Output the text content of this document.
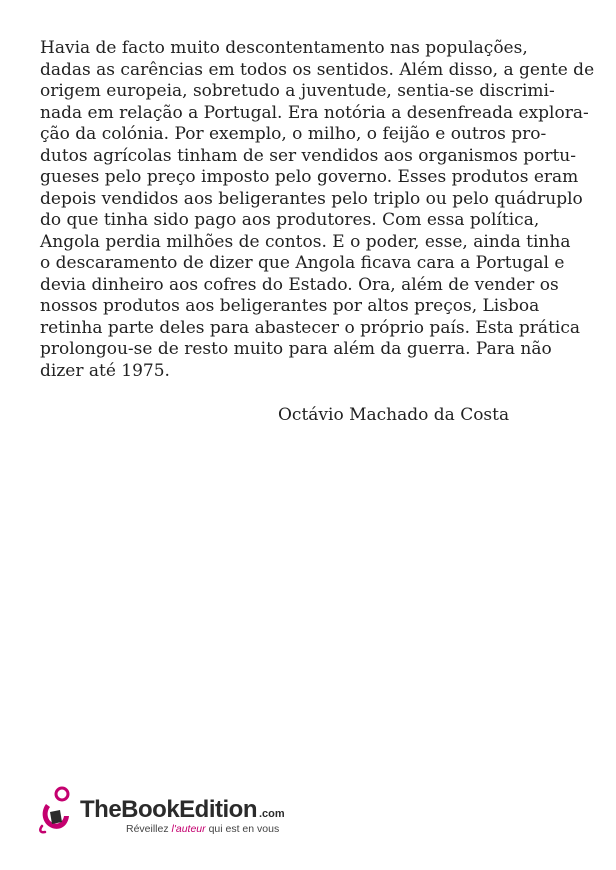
Havia de facto muito descontentamento nas populações,
dadas as carências em todos os sentidos. Além disso, a gente de
origem europeia, sobretudo a juventude, sentia-se discrimi-
nada em relação a Portugal. Era notória a desenfreada explora-
ção da colónia. Por exemplo, o milho, o feijão e outros pro-
dutos agrícolas tinham de ser vendidos aos organismos portu-
gueses pelo preço imposto pelo governo. Esses produtos eram
depois vendidos aos beligerantes pelo triplo ou pelo quádruplo
do que tinha sido pago aos produtores. Com essa política,
Angola perdia milhões de contos. E o poder, esse, ainda tinha
o descaramento de dizer que Angola ficava cara a Portugal e
devia dinheiro aos cofres do Estado. Ora, além de vender os
nossos produtos aos beligerantes por altos preços, Lisboa
retinha parte deles para abastecer o próprio país. Esta prática
prolongou-se de resto muito para além da guerra. Para não
dizer até 1975.

Octávio Machado da Costa

TheBookEdition .com
Réveillez l'auteur qui est en vous
